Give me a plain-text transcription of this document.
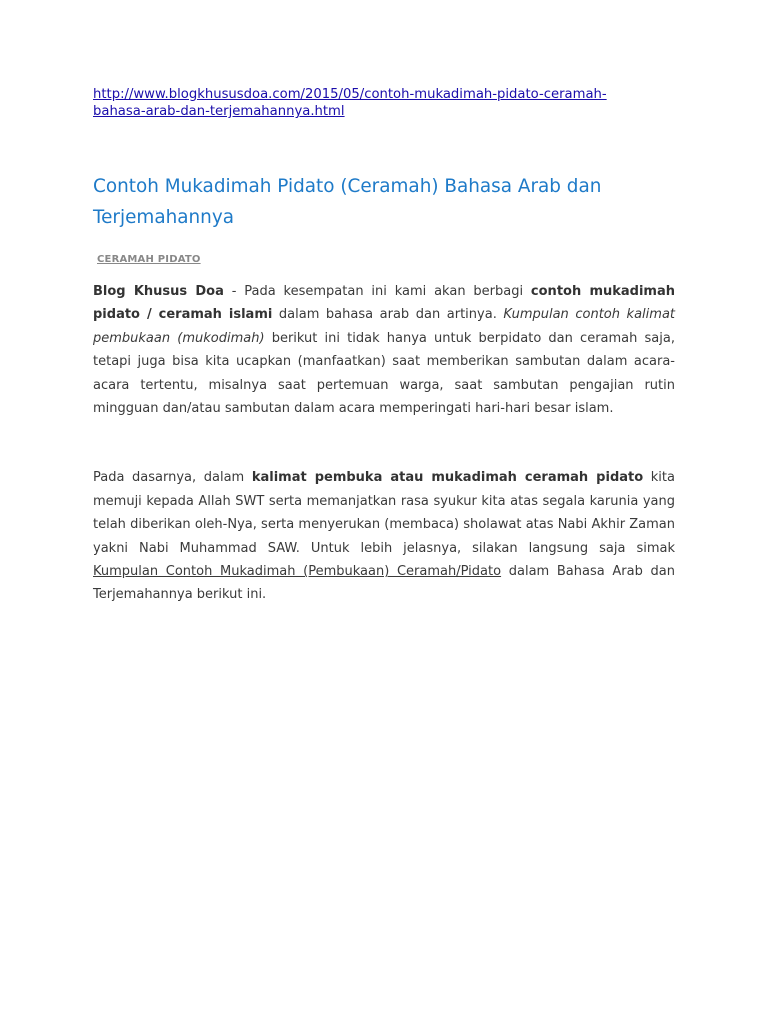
http://www.blogkhususdoa.com/2015/05/contoh-mukadimah-pidato-ceramah-
bahasa-arab-dan-terjemahannya.html
Contoh Mukadimah Pidato (Ceramah) Bahasa Arab dan Terjemahannya
CERAMAH PIDATO

Blog Khusus Doa - Pada kesempatan ini kami akan berbagi contoh mukadimah pidato / ceramah islami dalam bahasa arab dan artinya. Kumpulan contoh kalimat pembukaan (mukodimah) berikut ini tidak hanya untuk berpidato dan ceramah saja, tetapi juga bisa kita ucapkan (manfaatkan) saat memberikan sambutan dalam acara-acara tertentu, misalnya saat pertemuan warga, saat sambutan pengajian rutin mingguan dan/atau sambutan dalam acara memperingati hari-hari besar islam.

Pada dasarnya, dalam kalimat pembuka atau mukadimah ceramah pidato kita memuji kepada Allah SWT serta memanjatkan rasa syukur kita atas segala karunia yang telah diberikan oleh-Nya, serta menyerukan (membaca) sholawat atas Nabi Akhir Zaman yakni Nabi Muhammad SAW. Untuk lebih jelasnya, silakan langsung saja simak Kumpulan Contoh Mukadimah (Pembukaan) Ceramah/Pidato dalam Bahasa Arab dan Terjemahannya berikut ini.
